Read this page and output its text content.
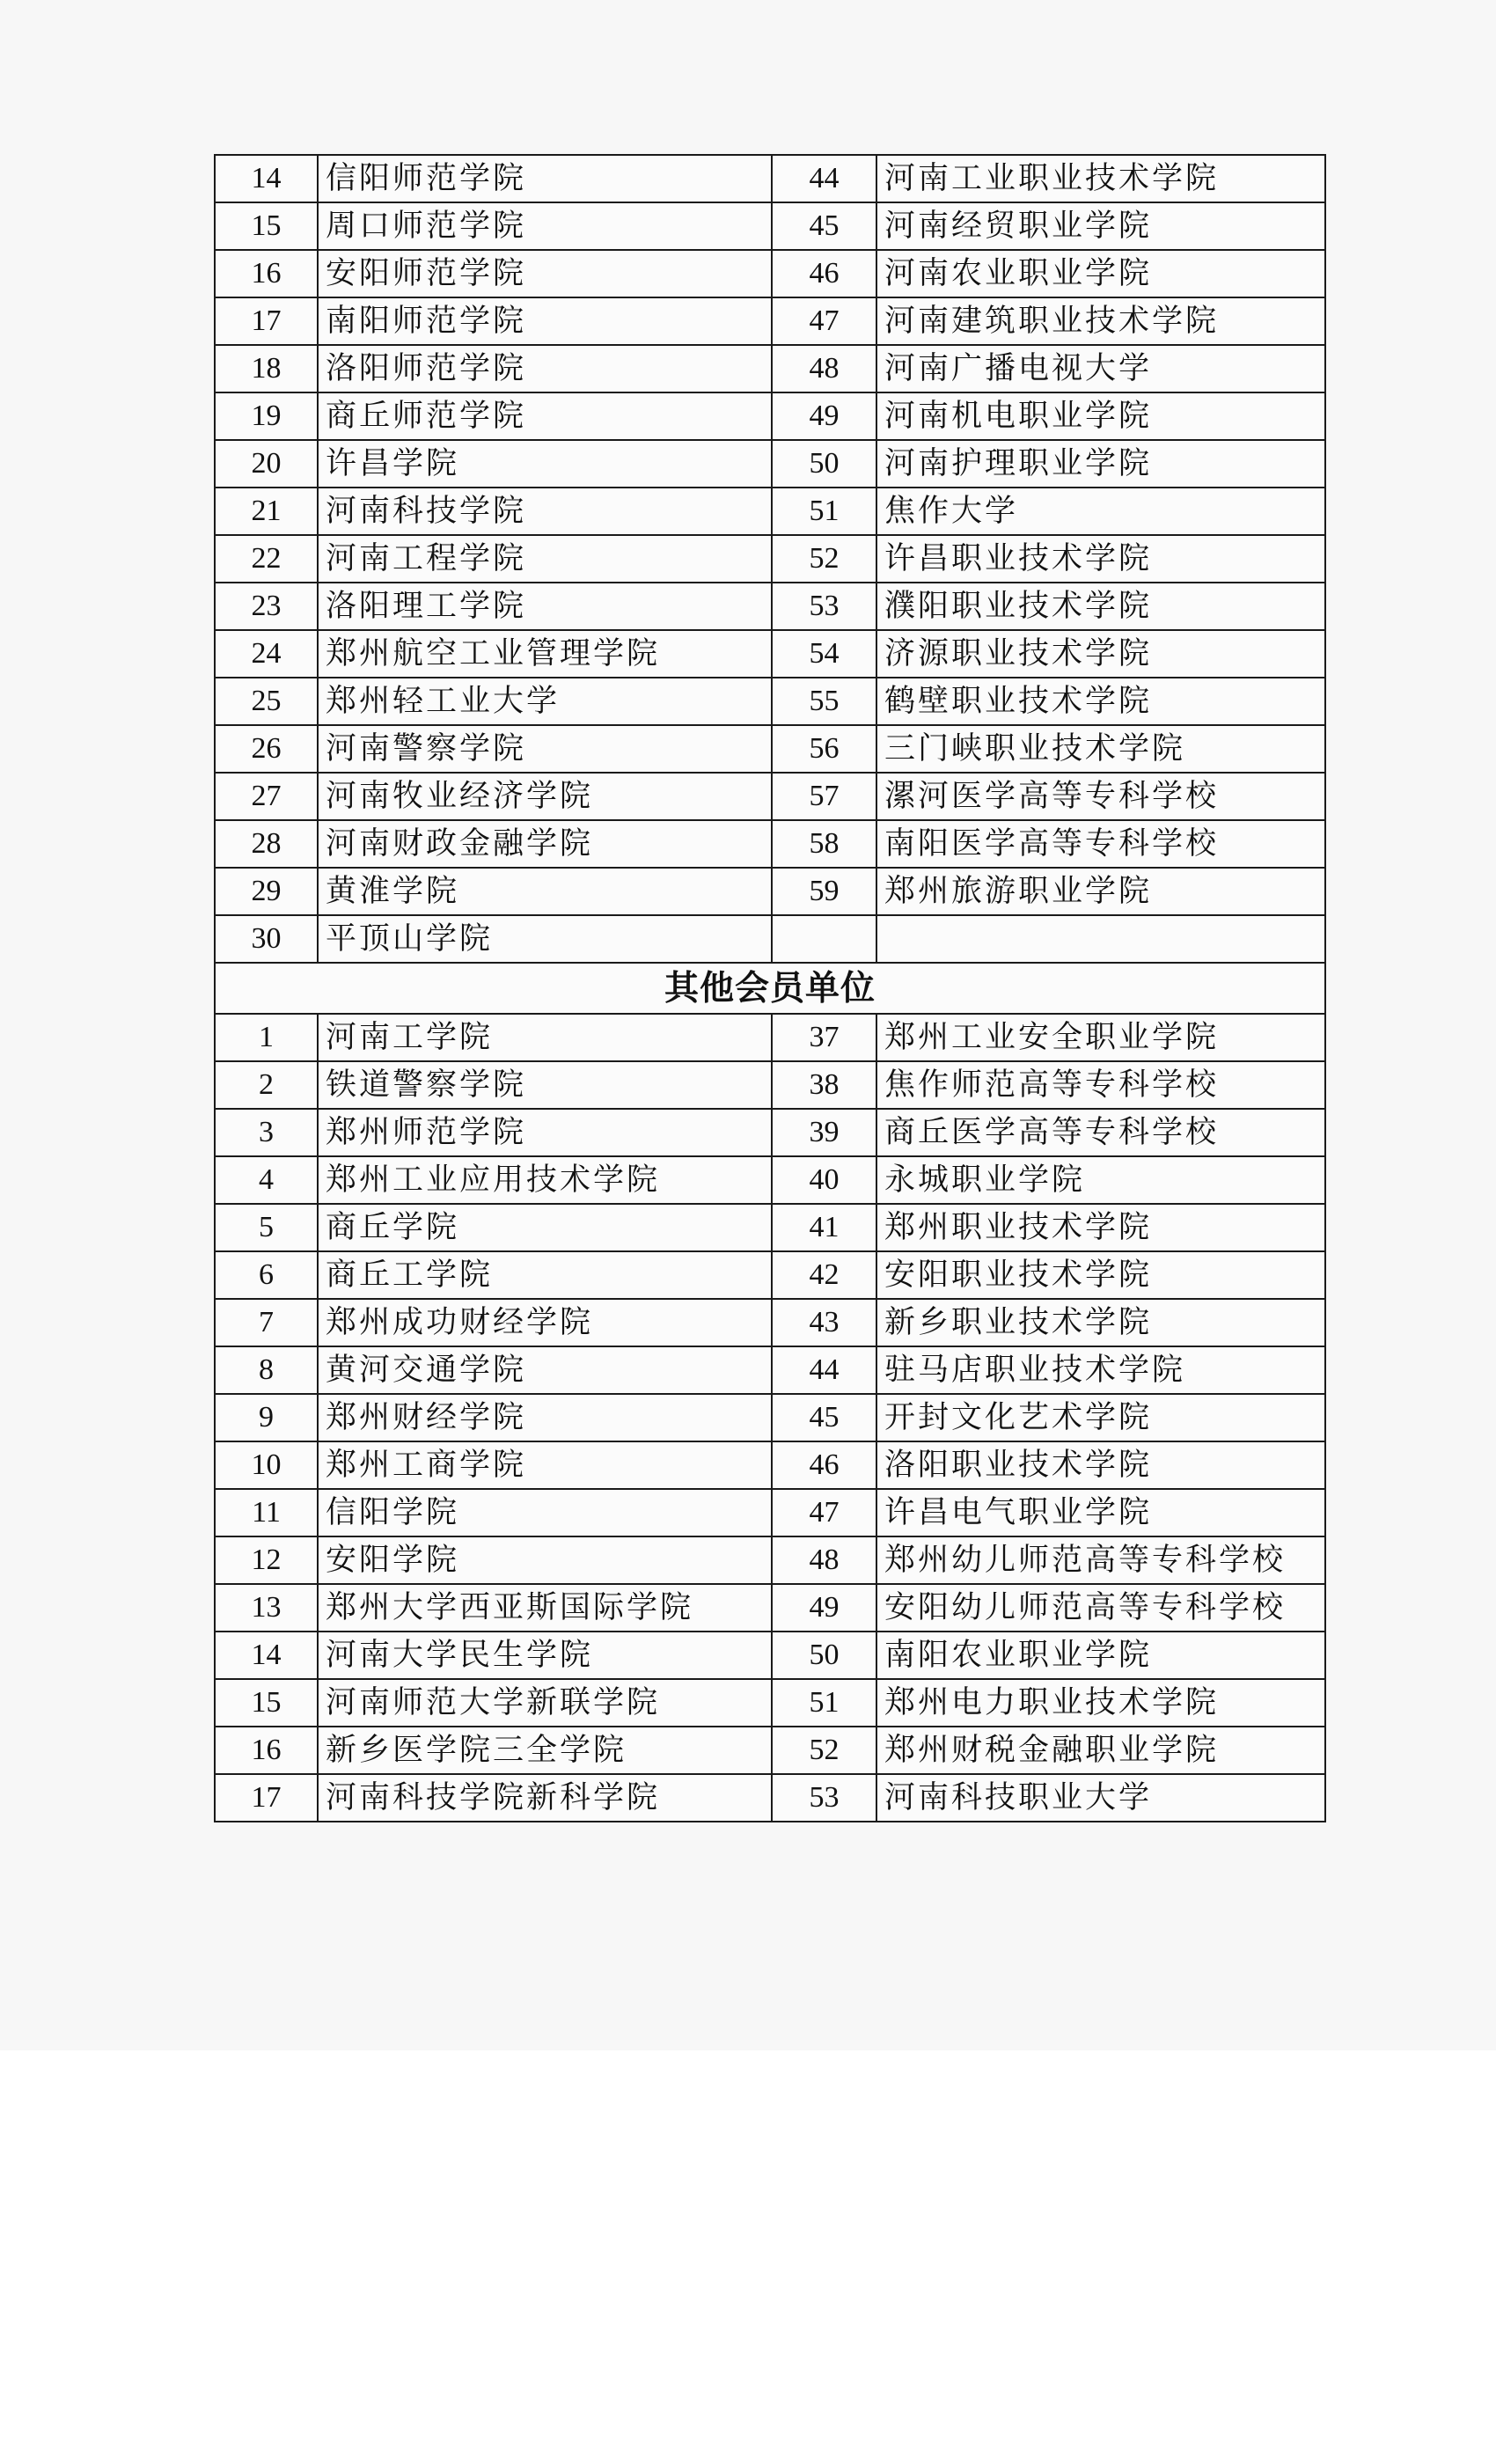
14	信阳师范学院	44	河南工业职业技术学院
15	周口师范学院	45	河南经贸职业学院
16	安阳师范学院	46	河南农业职业学院
17	南阳师范学院	47	河南建筑职业技术学院
18	洛阳师范学院	48	河南广播电视大学
19	商丘师范学院	49	河南机电职业学院
20	许昌学院	50	河南护理职业学院
21	河南科技学院	51	焦作大学
22	河南工程学院	52	许昌职业技术学院
23	洛阳理工学院	53	濮阳职业技术学院
24	郑州航空工业管理学院	54	济源职业技术学院
25	郑州轻工业大学	55	鹤壁职业技术学院
26	河南警察学院	56	三门峡职业技术学院
27	河南牧业经济学院	57	漯河医学高等专科学校
28	河南财政金融学院	58	南阳医学高等专科学校
29	黄淮学院	59	郑州旅游职业学院
30	平顶山学院		
其他会员单位			
1	河南工学院	37	郑州工业安全职业学院
2	铁道警察学院	38	焦作师范高等专科学校
3	郑州师范学院	39	商丘医学高等专科学校
4	郑州工业应用技术学院	40	永城职业学院
5	商丘学院	41	郑州职业技术学院
6	商丘工学院	42	安阳职业技术学院
7	郑州成功财经学院	43	新乡职业技术学院
8	黄河交通学院	44	驻马店职业技术学院
9	郑州财经学院	45	开封文化艺术学院
10	郑州工商学院	46	洛阳职业技术学院
11	信阳学院	47	许昌电气职业学院
12	安阳学院	48	郑州幼儿师范高等专科学校
13	郑州大学西亚斯国际学院	49	安阳幼儿师范高等专科学校
14	河南大学民生学院	50	南阳农业职业学院
15	河南师范大学新联学院	51	郑州电力职业技术学院
16	新乡医学院三全学院	52	郑州财税金融职业学院
17	河南科技学院新科学院	53	河南科技职业大学
